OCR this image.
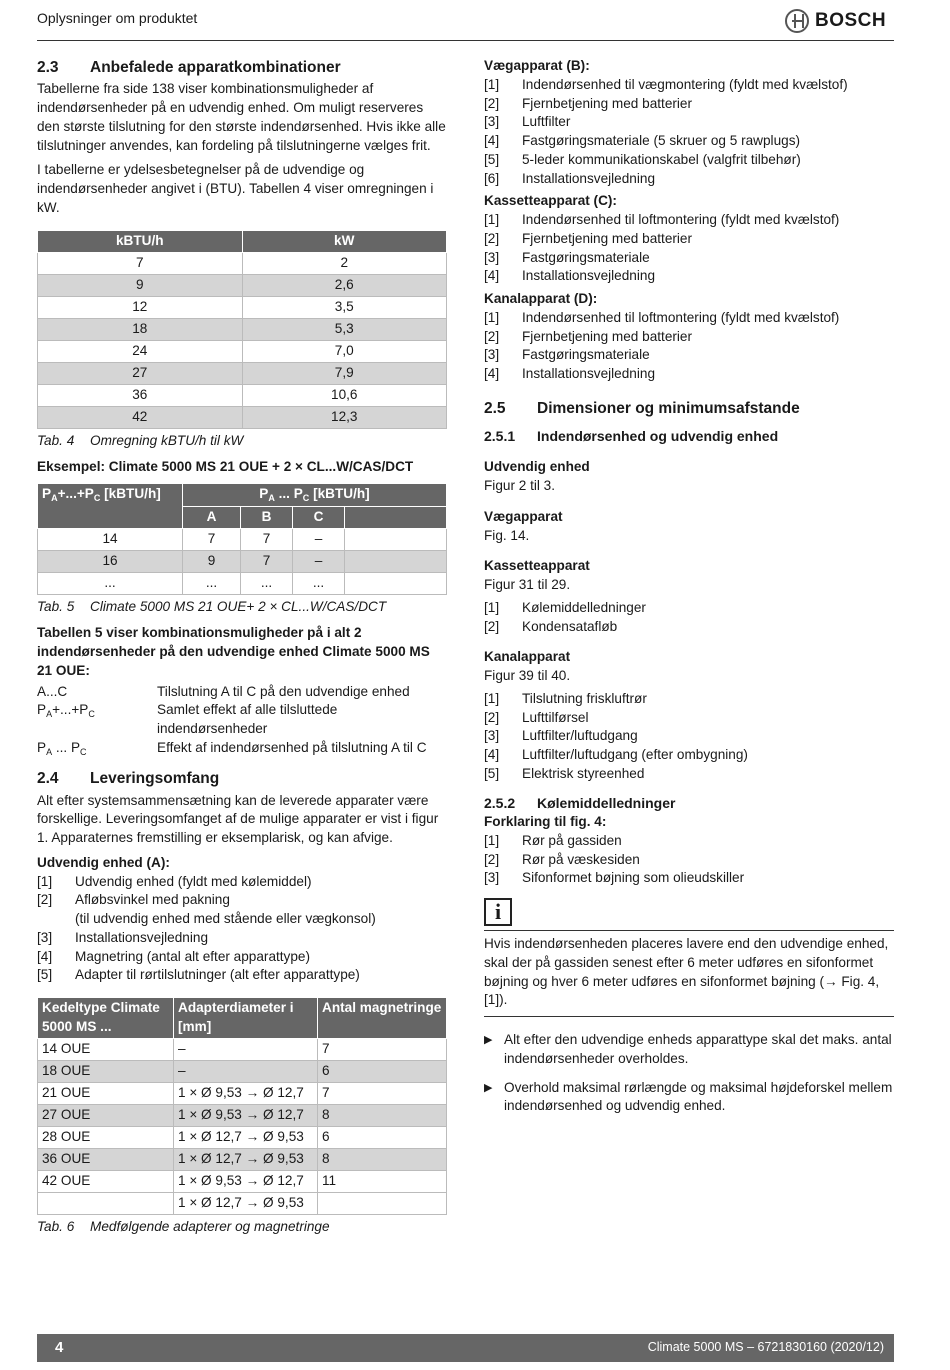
Oplysninger om produktet	BOSCH
2.3	Anbefalede apparatkombinationer

Tabellerne fra side 138 viser kombinationsmuligheder af indendørsenheder på en udvendig enhed. Om muligt reserveres den største tilslutning for den største indendørsenhed. Hvis ikke alle tilslutninger anvendes, kan fordeling på tilslutningerne vælges frit.

I tabellerne er ydelsesbetegnelser på de udvendige og indendørsenheder angivet i (BTU). Tabellen 4 viser omregningen i kW.

kBTU/h	kW
7	2
9	2,6
12	3,5
18	5,3
24	7,0
27	7,9
36	10,6
42	12,3
Tab. 4	Omregning kBTU/h til kW

Eksempel: Climate 5000 MS 21 OUE + 2 × CL...W/CAS/DCT

$P_A+...+P_C$ [kBTU/h]	$P_A$ ... $P_C$ [kBTU/h]			
	A	B	C	
14	7	7	–	
16	9	7	–	
...	...	...	...	
Tab. 5	Climate 5000 MS 21 OUE+ 2 × CL...W/CAS/DCT

Tabellen 5 viser kombinationsmuligheder på i alt 2 indendørsenheder på den udvendige enhed Climate 5000 MS 21 OUE:

A...C	Tilslutning A til C på den udvendige enhed
$P_A+...+P_C$	Samlet effekt af alle tilsluttede indendørsenheder
$P_A$ ... $P_C$	Effekt af indendørsenhed på tilslutning A til C
2.4	Leveringsomfang

Alt efter systemsammensætning kan de leverede apparater være forskellige. Leveringsomfanget af de mulige apparater er vist i figur 1. Apparaternes fremstilling er eksemplarisk, og kan afvige.

Udvendig enhed (A):

[1]	Udvendig enhed (fyldt med kølemiddel)
[2]	Afløbsvinkel med pakning
(til udvendig enhed med stående eller vægkonsol)
[3]	Installationsvejledning
[4]	Magnetring (antal alt efter apparattype)
[5]	Adapter til rørtilslutninger (alt efter apparattype)
Kedeltype Climate 5000 MS ...	Adapterdiameter i [mm]	Antal magnetringe
14 OUE	–	7
18 OUE	–	6
21 OUE	1 × Ø 9,53 → Ø 12,7	7
27 OUE	1 × Ø 9,53 → Ø 12,7	8
28 OUE	1 × Ø 12,7 → Ø 9,53	6
36 OUE	1 × Ø 12,7 → Ø 9,53	8
42 OUE	1 × Ø 9,53 → Ø 12,7	11
	1 × Ø 12,7 → Ø 9,53	
Tab. 6	Medfølgende adapterer og magnetringe

Vægapparat (B):

[1]	Indendørsenhed til vægmontering (fyldt med kvælstof)
[2]	Fjernbetjening med batterier
[3]	Luftfilter
[4]	Fastgøringsmateriale (5 skruer og 5 rawplugs)
[5]	5-leder kommunikationskabel (valgfrit tilbehør)
[6]	Installationsvejledning

Kassetteapparat (C):

[1]	Indendørsenhed til loftmontering (fyldt med kvælstof)
[2]	Fjernbetjening med batterier
[3]	Fastgøringsmateriale
[4]	Installationsvejledning

Kanalapparat (D):

[1]	Indendørsenhed til loftmontering (fyldt med kvælstof)
[2]	Fjernbetjening med batterier
[3]	Fastgøringsmateriale
[4]	Installationsvejledning
2.5	Dimensioner og minimumsafstande
2.5.1	Indendørsenhed og udvendig enhed

Udvendig enhed

Figur 2 til 3.

Vægapparat

Fig. 14.

Kassetteapparat

Figur 31 til 29.

[1]	Kølemiddelledninger
[2]	Kondensatafløb

Kanalapparat

Figur 39 til 40.

[1]	Tilslutning friskluftrør
[2]	Lufttilførsel
[3]	Luftfilter/luftudgang
[4]	Luftfilter/luftudgang (efter ombygning)
[5]	Elektrisk styreenhed
2.5.2	Kølemiddelledninger

Forklaring til fig. 4:

[1]	Rør på gassiden
[2]	Rør på væskesiden
[3]	Sifonformet bøjning som olieudskiller
i

Hvis indendørsenheden placeres lavere end den udvendige enhed, skal der på gassiden senest efter 6 meter udføres en sifonformet bøjning og hver 6 meter udføres en sifonformet bøjning (→ Fig. 4, [1]).

▶ Alt efter den udvendige enheds apparattype skal det maks. antal indendørsenheder overholdes.
▶ Overhold maksimal rørlængde og maksimal højdeforskel mellem indendørsenhed og udvendig enhed.
4	Climate 5000 MS – 6721830160 (2020/12)
